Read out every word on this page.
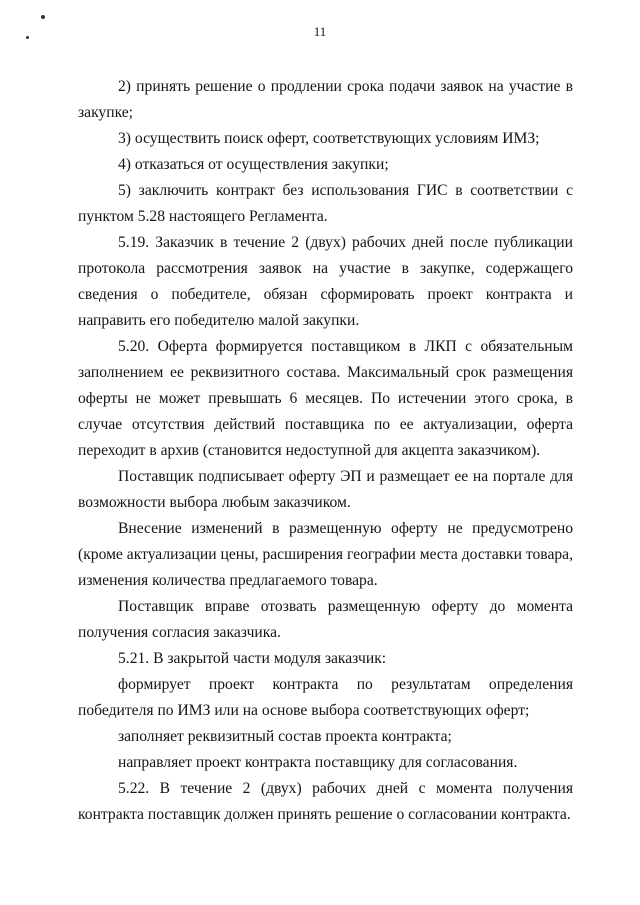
11

2) принять решение о продлении срока подачи заявок на участие в закупке;

3) осуществить поиск оферт, соответствующих условиям ИМЗ;

4) отказаться от осуществления закупки;

5) заключить контракт без использования ГИС в соответствии с пунктом 5.28 настоящего Регламента.

5.19. Заказчик в течение 2 (двух) рабочих дней после публикации протокола рассмотрения заявок на участие в закупке, содержащего сведения о победителе, обязан сформировать проект контракта и направить его победителю малой закупки.

5.20. Оферта формируется поставщиком в ЛКП с обязательным заполнением ее реквизитного состава. Максимальный срок размещения оферты не может превышать 6 месяцев. По истечении этого срока, в случае отсутствия действий поставщика по ее актуализации, оферта переходит в архив (становится недоступной для акцепта заказчиком).

Поставщик подписывает оферту ЭП и размещает ее на портале для возможности выбора любым заказчиком.

Внесение изменений в размещенную оферту не предусмотрено (кроме актуализации цены, расширения географии места доставки товара, изменения количества предлагаемого товара.

Поставщик вправе отозвать размещенную оферту до момента получения согласия заказчика.

5.21. В закрытой части модуля заказчик:

формирует проект контракта по результатам определения победителя по ИМЗ или на основе выбора соответствующих оферт;

заполняет реквизитный состав проекта контракта;

направляет проект контракта поставщику для согласования.

5.22. В течение 2 (двух) рабочих дней с момента получения контракта поставщик должен принять решение о согласовании контракта.
